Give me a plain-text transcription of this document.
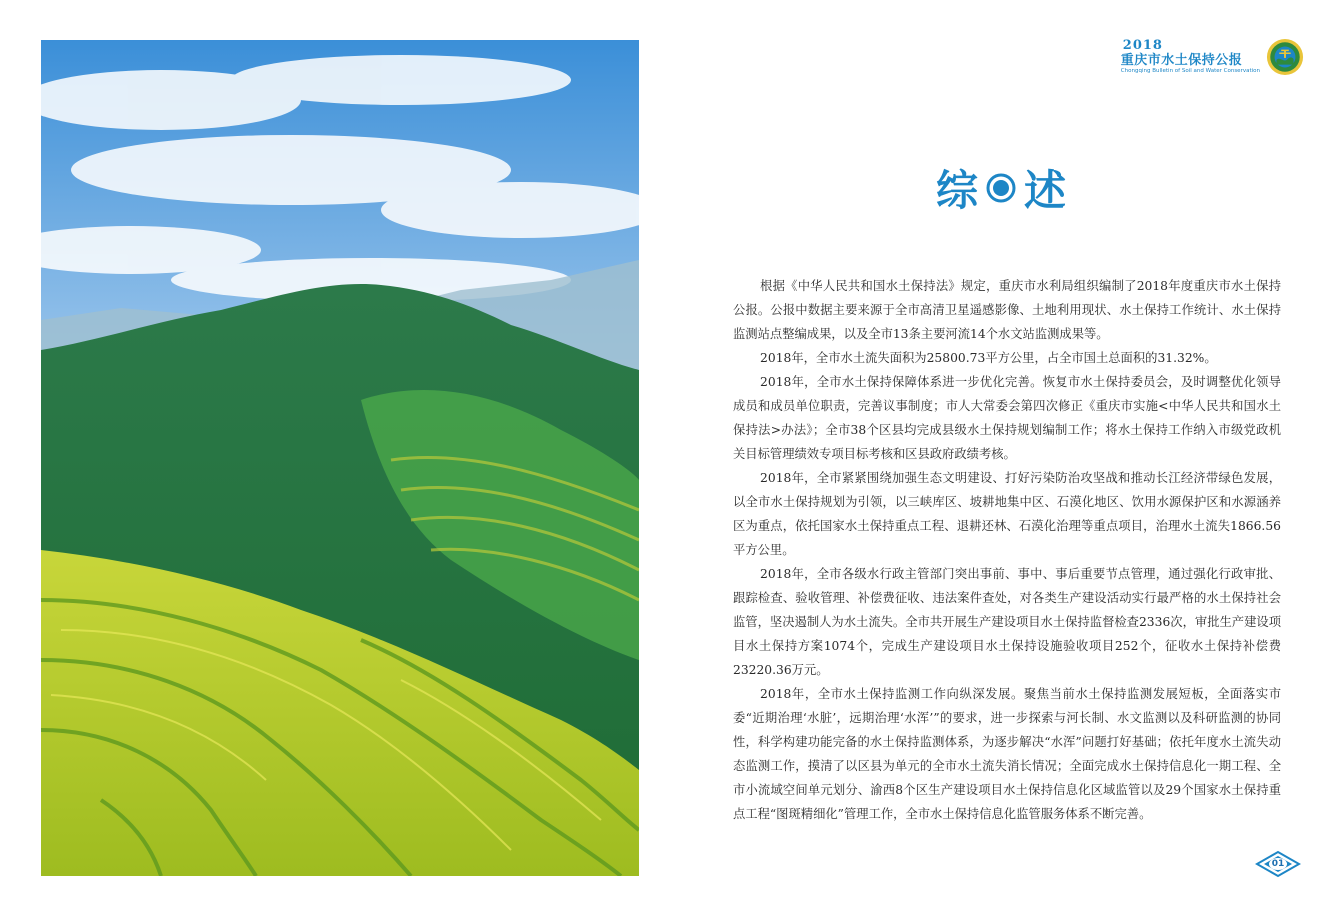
2018
重庆市水土保持公报
Chongqing Bulletin of Soil and Water Conservation
综 述

根据《中华人民共和国水土保持法》规定，重庆市水利局组织编制了2018年度重庆市水土保持公报。公报中数据主要来源于全市高清卫星遥感影像、土地利用现状、水土保持工作统计、水土保持监测站点整编成果，以及全市13条主要河流14个水文站监测成果等。

2018年，全市水土流失面积为25800.73平方公里，占全市国土总面积的31.32%。

2018年，全市水土保持保障体系进一步优化完善。恢复市水土保持委员会，及时调整优化领导成员和成员单位职责，完善议事制度；市人大常委会第四次修正《重庆市实施<中华人民共和国水土保持法>办法》；全市38个区县均完成县级水土保持规划编制工作；将水土保持工作纳入市级党政机关目标管理绩效专项目标考核和区县政府政绩考核。

2018年，全市紧紧围绕加强生态文明建设、打好污染防治攻坚战和推动长江经济带绿色发展，以全市水土保持规划为引领，以三峡库区、坡耕地集中区、石漠化地区、饮用水源保护区和水源涵养区为重点，依托国家水土保持重点工程、退耕还林、石漠化治理等重点项目，治理水土流失1866.56平方公里。

2018年，全市各级水行政主管部门突出事前、事中、事后重要节点管理，通过强化行政审批、跟踪检查、验收管理、补偿费征收、违法案件查处，对各类生产建设活动实行最严格的水土保持社会监管，坚决遏制人为水土流失。全市共开展生产建设项目水土保持监督检查2336次，审批生产建设项目水土保持方案1074个，完成生产建设项目水土保持设施验收项目252个，征收水土保持补偿费23220.36万元。

2018年，全市水土保持监测工作向纵深发展。聚焦当前水土保持监测发展短板，全面落实市委“近期治理‘水脏’，远期治理‘水浑’”的要求，进一步探索与河长制、水文监测以及科研监测的协同性，科学构建功能完备的水土保持监测体系，为逐步解决“水浑”问题打好基础；依托年度水土流失动态监测工作，摸清了以区县为单元的全市水土流失消长情况；全面完成水土保持信息化一期工程、全市小流域空间单元划分、渝西8个区生产建设项目水土保持信息化区域监管以及29个国家水土保持重点工程“图斑精细化”管理工作，全市水土保持信息化监管服务体系不断完善。

01
